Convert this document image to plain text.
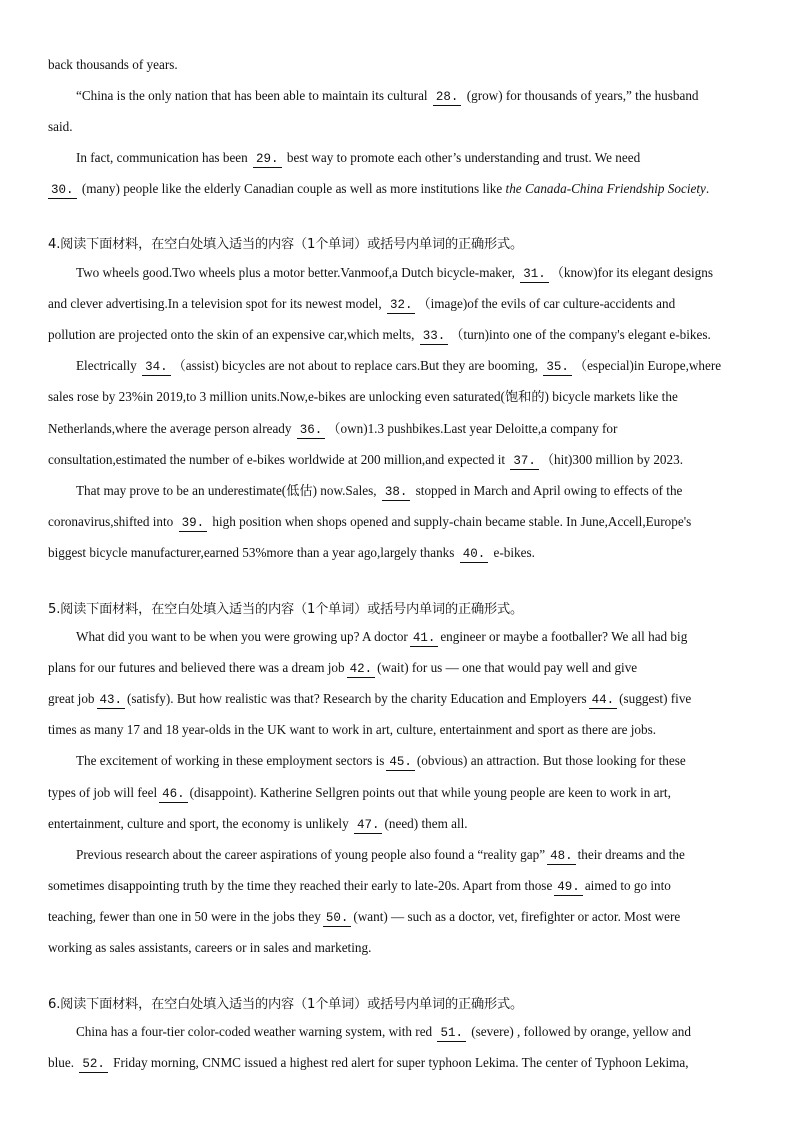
back thousands of years.
“China is the only nation that has been able to maintain its cultural 28. (grow) for thousands of years,” the husband
said.
In fact, communication has been 29. best way to promote each other’s understanding and trust. We need
30. (many) people like the elderly Canadian couple as well as more institutions like the Canada-China Friendship Society.
4.阅读下面材料，在空白处填入适当的内容（1个单词）或括号内单词的正确形式。
Two wheels good.Two wheels plus a motor better.Vanmoof,a Dutch bicycle-maker, 31. （know)for its elegant designs
and clever advertising.In a television spot for its newest model, 32. （image)of the evils of car culture-accidents and
pollution are projected onto the skin of an expensive car,which melts, 33. （turn)into one of the company's elegant e-bikes.
Electrically 34. （assist) bicycles are not about to replace cars.But they are booming, 35. （especial)in Europe,where
sales rose by 23%in 2019,to 3 million units.Now,e-bikes are unlocking even saturated(饱和的) bicycle markets like the
Netherlands,where the average person already 36. （own)1.3 pushbikes.Last year Deloitte,a company for
consultation,estimated the number of e-bikes worldwide at 200 million,and expected it 37. （hit)300 million by 2023.
That may prove to be an underestimate(低估) now.Sales, 38. stopped in March and April owing to effects of the
coronavirus,shifted into 39. high position when shops opened and supply-chain became stable. In June,Accell,Europe's
biggest bicycle manufacturer,earned 53%more than a year ago,largely thanks 40. e-bikes.
5.阅读下面材料，在空白处填入适当的内容（1个单词）或括号内单词的正确形式。
What did you want to be when you were growing up? A doctor 41. engineer or maybe a footballer? We all had big
plans for our futures and believed there was a dream job 42. (wait) for us — one that would pay well and give
great job 43. (satisfy). But how realistic was that? Research by the charity Education and Employers 44. (suggest) five
times as many 17 and 18 year-olds in the UK want to work in art, culture, entertainment and sport as there are jobs.
The excitement of working in these employment sectors is 45. (obvious) an attraction. But those looking for these
types of job will feel 46. (disappoint). Katherine Sellgren points out that while young people are keen to work in art,
entertainment, culture and sport, the economy is unlikely 47. (need) them all.
Previous research about the career aspirations of young people also found a “reality gap” 48. their dreams and the
sometimes disappointing truth by the time they reached their early to late-20s. Apart from those 49. aimed to go into
teaching, fewer than one in 50 were in the jobs they 50. (want) — such as a doctor, vet, firefighter or actor. Most were
working as sales assistants, careers or in sales and marketing.
6.阅读下面材料，在空白处填入适当的内容（1个单词）或括号内单词的正确形式。
China has a four-tier color-coded weather warning system, with red 51. (severe) , followed by orange, yellow and
blue. 52. Friday morning, CNMC issued a highest red alert for super typhoon Lekima. The center of Typhoon Lekima,
